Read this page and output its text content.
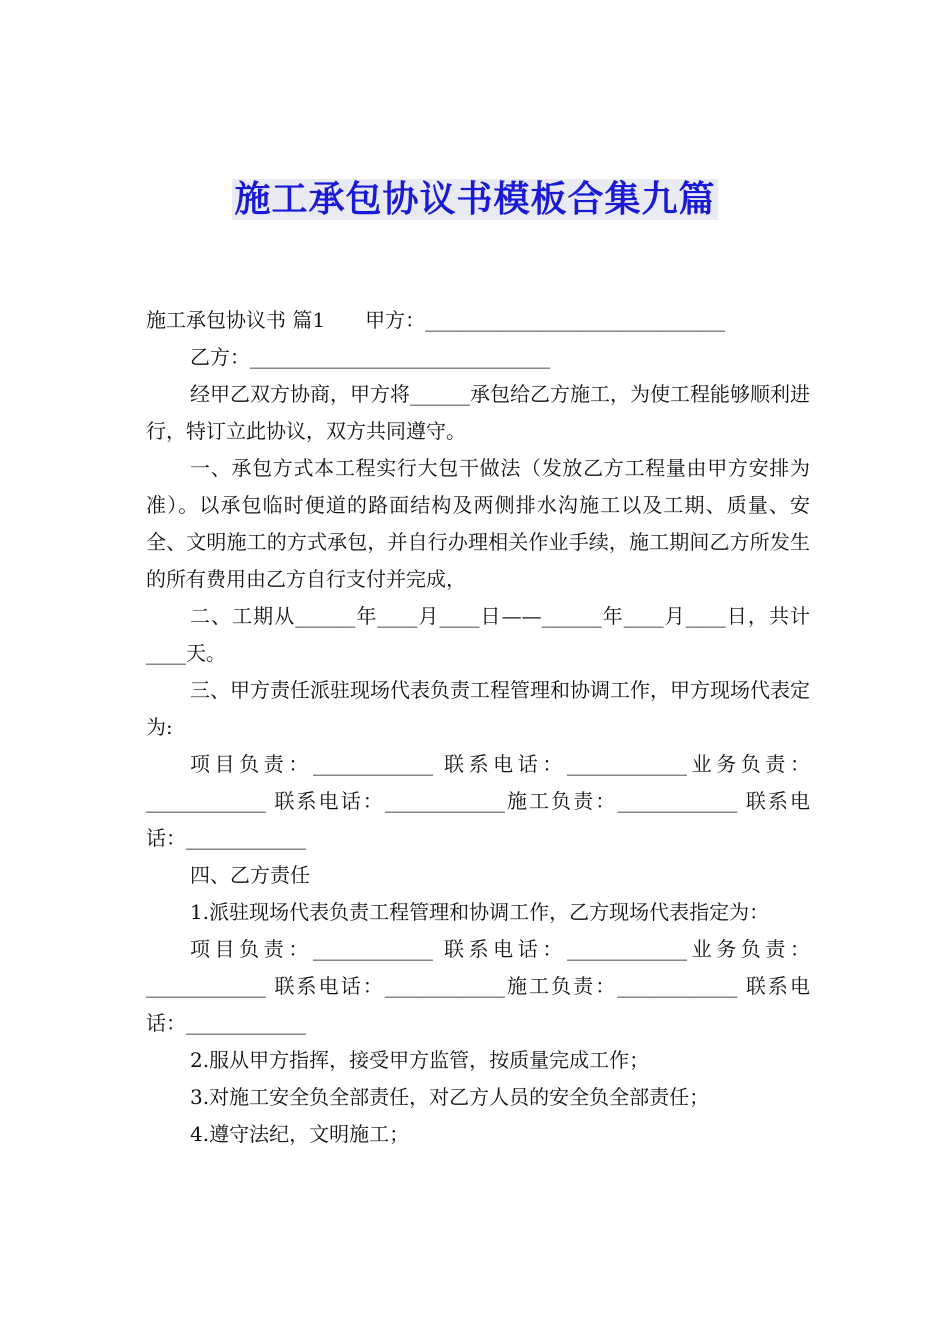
施工承包协议书模板合集九篇

施工承包协议书 篇1　　甲方：______________________________

乙方：______________________________

经甲乙双方协商，甲方将______承包给乙方施工，为使工程能够顺利进行，特订立此协议，双方共同遵守。

一、承包方式本工程实行大包干做法（发放乙方工程量由甲方安排为准）。以承包临时便道的路面结构及两侧排水沟施工以及工期、质量、安全、文明施工的方式承包，并自行办理相关作业手续，施工期间乙方所发生的所有费用由乙方自行支付并完成，

二、工期从______年____月____日——______年____月____日，共计____天。

三、甲方责任派驻现场代表负责工程管理和协调工作，甲方现场代表定为:

项目负责：____________ 联系电话：____________业务负责：____________ 联系电话：____________施工负责：____________ 联系电话：____________

四、乙方责任

1.派驻现场代表负责工程管理和协调工作，乙方现场代表指定为：

项目负责：____________ 联系电话：____________业务负责：____________ 联系电话：____________施工负责：____________ 联系电话：____________

2.服从甲方指挥，接受甲方监管，按质量完成工作；

3.对施工安全负全部责任，对乙方人员的安全负全部责任；

4.遵守法纪，文明施工；
